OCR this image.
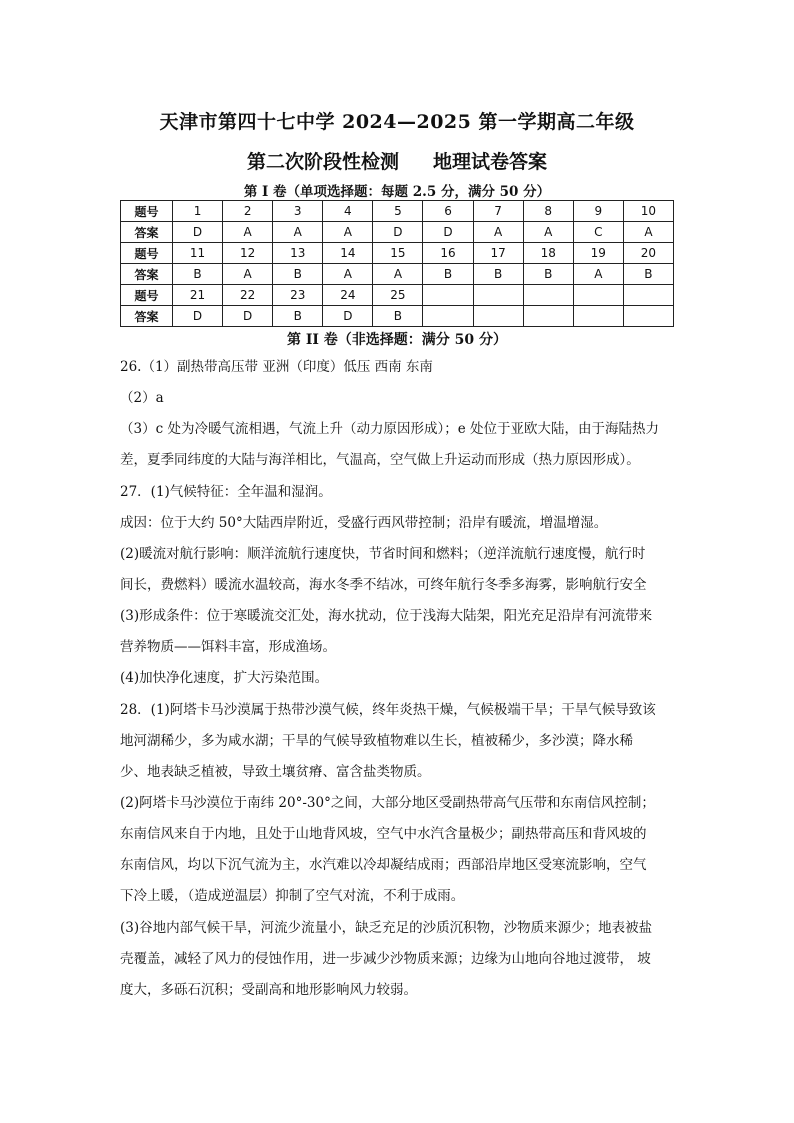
天津市第四十七中学 2024—2025 第一学期高二年级
第二次阶段性检测 地理试卷答案
第 I 卷（单项选择题：每题 2.5 分，满分 50 分）
题号	1	2	3	4	5	6	7	8	9	10
答案	D	A	A	A	D	D	A	A	C	A
题号	11	12	13	14	15	16	17	18	19	20
答案	B	A	B	A	A	B	B	B	A	B
题号	21	22	23	24	25					
答案	D	D	B	D	B					
第 II 卷（非选择题：满分 50 分）
26.（1）副热带高压带 亚洲（印度）低压 西南 东南
（2）a
（3）c 处为冷暖气流相遇，气流上升（动力原因形成）；e 处位于亚欧大陆，由于海陆热力
差，夏季同纬度的大陆与海洋相比，气温高，空气做上升运动而形成（热力原因形成）。
27．(1)气候特征：全年温和湿润。
成因：位于大约 50°大陆西岸附近，受盛行西风带控制；沿岸有暖流，增温增湿。
(2)暖流对航行影响：顺洋流航行速度快，节省时间和燃料；（逆洋流航行速度慢，航行时
间长，费燃料）暖流水温较高，海水冬季不结冰，可终年航行冬季多海雾，影响航行安全
(3)形成条件：位于寒暖流交汇处，海水扰动，位于浅海大陆架，阳光充足沿岸有河流带来
营养物质——饵料丰富，形成渔场。
(4)加快净化速度，扩大污染范围。
28．(1)阿塔卡马沙漠属于热带沙漠气候，终年炎热干燥，气候极端干旱；干旱气候导致该
地河湖稀少，多为咸水湖；干旱的气候导致植物难以生长，植被稀少，多沙漠；降水稀
少、地表缺乏植被，导致土壤贫瘠、富含盐类物质。
(2)阿塔卡马沙漠位于南纬 20°-30°之间，大部分地区受副热带高气压带和东南信风控制；
东南信风来自于内地，且处于山地背风坡，空气中水汽含量极少；副热带高压和背风坡的
东南信风，均以下沉气流为主，水汽难以冷却凝结成雨；西部沿岸地区受寒流影响，空气
下冷上暖，（造成逆温层）抑制了空气对流，不利于成雨。
(3)谷地内部气候干旱，河流少流量小，缺乏充足的沙质沉积物，沙物质来源少；地表被盐
壳覆盖，减轻了风力的侵蚀作用，进一步减少沙物质来源；边缘为山地向谷地过渡带， 坡
度大，多砾石沉积；受副高和地形影响风力较弱。
